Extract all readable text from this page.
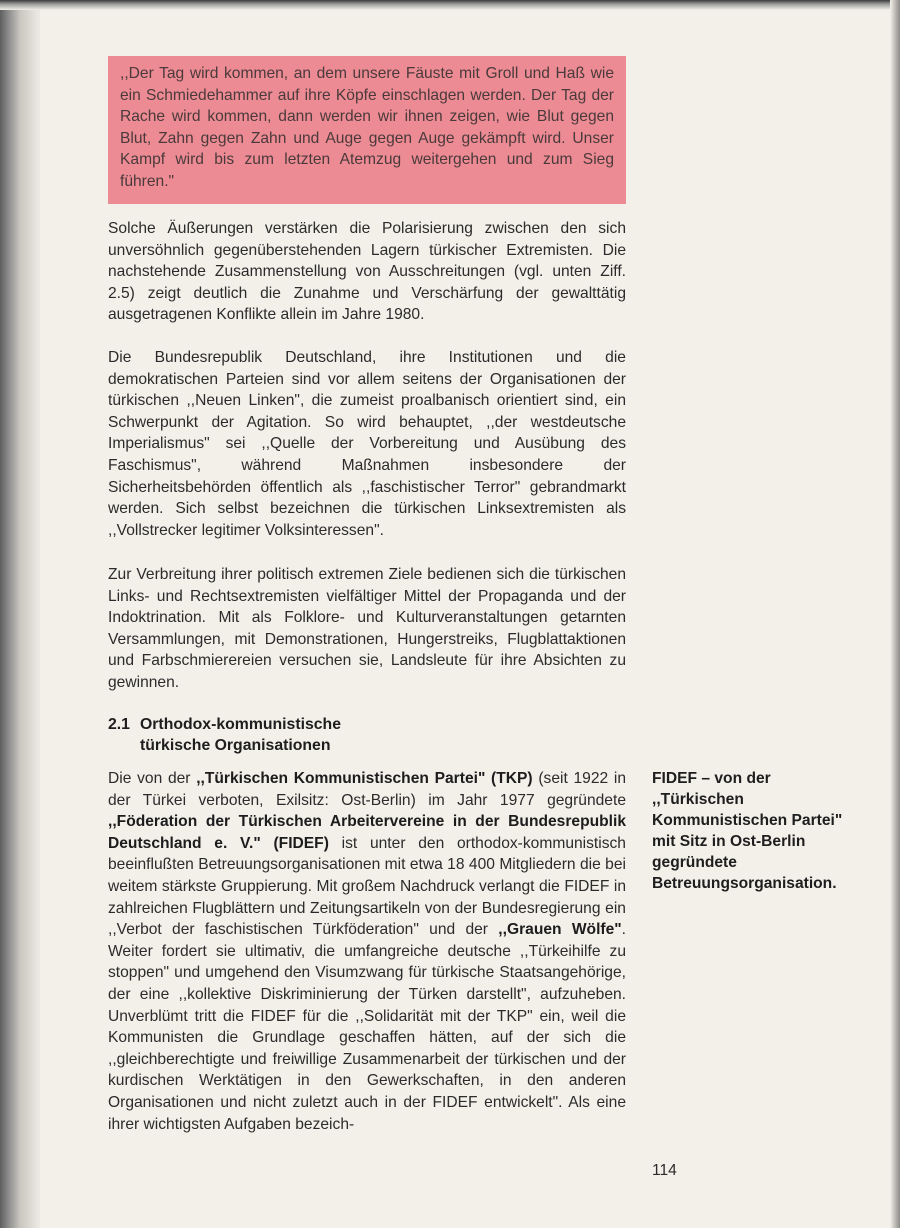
,,Der Tag wird kommen, an dem unsere Fäuste mit Groll und Haß wie ein Schmiedehammer auf ihre Köpfe einschlagen werden. Der Tag der Rache wird kommen, dann werden wir ihnen zeigen, wie Blut gegen Blut, Zahn gegen Zahn und Auge gegen Auge gekämpft wird. Unser Kampf wird bis zum letzten Atemzug weitergehen und zum Sieg führen."

Solche Äußerungen verstärken die Polarisierung zwischen den sich unversöhnlich gegenüberstehenden Lagern türkischer Extremisten. Die nachstehende Zusammenstellung von Ausschreitungen (vgl. unten Ziff. 2.5) zeigt deutlich die Zunahme und Verschärfung der gewalttätig ausgetragenen Konflikte allein im Jahre 1980.

Die Bundesrepublik Deutschland, ihre Institutionen und die demokratischen Parteien sind vor allem seitens der Organisationen der türkischen ,,Neuen Linken", die zumeist proalbanisch orientiert sind, ein Schwerpunkt der Agitation. So wird behauptet, ,,der westdeutsche Imperialismus" sei ,,Quelle der Vorbereitung und Ausübung des Faschismus", während Maßnahmen insbesondere der Sicherheitsbehörden öffentlich als ,,faschistischer Terror" gebrandmarkt werden. Sich selbst bezeichnen die türkischen Linksextremisten als ,,Vollstrecker legitimer Volksinteressen".

Zur Verbreitung ihrer politisch extremen Ziele bedienen sich die türkischen Links- und Rechtsextremisten vielfältiger Mittel der Propaganda und der Indoktrination. Mit als Folklore- und Kulturveranstaltungen getarnten Versammlungen, mit Demonstrationen, Hungerstreiks, Flugblattaktionen und Farbschmierereien versuchen sie, Landsleute für ihre Absichten zu gewinnen.

2.1 Orthodox-kommunistische
türkische Organisationen

Die von der ,,Türkischen Kommunistischen Partei" (TKP) (seit 1922 in der Türkei verboten, Exilsitz: Ost-Berlin) im Jahr 1977 gegründete ,,Föderation der Türkischen Arbeitervereine in der Bundesrepublik Deutschland e. V." (FIDEF) ist unter den orthodox-kommunistisch beeinflußten Betreuungsorganisationen mit etwa 18 400 Mitgliedern die bei weitem stärkste Gruppierung. Mit großem Nachdruck verlangt die FIDEF in zahlreichen Flugblättern und Zeitungsartikeln von der Bundesregierung ein ,,Verbot der faschistischen Türkföderation" und der ,,Grauen Wölfe". Weiter fordert sie ultimativ, die umfangreiche deutsche ,,Türkeihilfe zu stoppen" und umgehend den Visumzwang für türkische Staatsangehörige, der eine ,,kollektive Diskriminierung der Türken darstellt", aufzuheben. Unverblümt tritt die FIDEF für die ,,Solidarität mit der TKP" ein, weil die Kommunisten die Grundlage geschaffen hätten, auf der sich die ,,gleichberechtigte und freiwillige Zusammenarbeit der türkischen und der kurdischen Werktätigen in den Gewerkschaften, in den anderen Organisationen und nicht zuletzt auch in der FIDEF entwickelt". Als eine ihrer wichtigsten Aufgaben bezeich-

FIDEF – von der ,,Türkischen Kommunistischen Partei" mit Sitz in Ost-Berlin gegründete Betreuungsorganisation.
114
